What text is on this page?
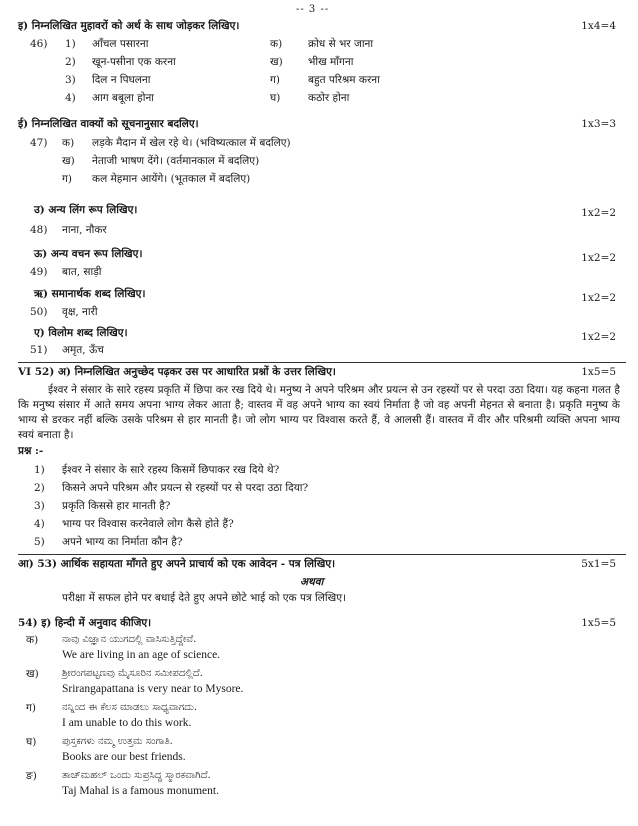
-- 3 --
इ) निम्नलिखित मुहावरों को अर्थ के साथ जोड़कर लिखिए।	1x4=4
46) 1) आँचल पसारना	क) क्रोध से भर जाना
2) खून-पसीना एक करना	ख) भीख माँगना
3) दिल न पिघलना	ग)	बहुत परिश्रम करना
4) आग बबूला होना	घ)	कठोर होना
ई) निम्नलिखित वाक्यों को सूचनानुसार बदलिए।	1x3=3
47) क) लड़के मैदान में खेल रहे थे। (भविष्यत्काल में बदलिए)
ख) नेताजी भाषण देंगे। (वर्तमानकाल में बदलिए)
ग) कल मेहमान आयेंगे। (भूतकाल में बदलिए)
उ) अन्य लिंग रूप लिखिए।	1x2=2
48) नाना, नौकर
ऊ) अन्य वचन रूप लिखिए।	1x2=2
49) बात, साड़ी
ऋ) समानार्थक शब्द लिखिए।	1x2=2
50) वृक्ष, नारी
ए) विलोम शब्द लिखिए।	1x2=2
51) अमृत, ऊँच
VI 52) अ) निम्नलिखित अनुच्छेद पढ़कर उस पर आधारित प्रश्नों के उत्तर लिखिए।	1x5=5
ईश्वर ने संसार के सारे रहस्य प्रकृति में छिपा कर रख दिये थे। मनुष्य ने अपने परिश्रम और प्रयत्न से उन रहस्यों पर से परदा उठा दिया। यह कहना गलत है कि मनुष्य संसार में आते समय अपना भाग्य लेकर आता है; वास्तव में वह अपने भाग्य का स्वयं निर्माता है जो वह अपनी मेहनत से बनाता है। प्रकृति मनुष्य के भाग्य से डरकर नहीं बल्कि उसके परिश्रम से हार मानती है। जो लोग भाग्य पर विश्वास करते हैं, वे आलसी हैं। वास्तव में वीर और परिश्रमी व्यक्ति अपना भाग्य स्वयं बनाता है।
प्रश्न :-
1) ईश्वर ने संसार के सारे रहस्य किसमें छिपाकर रख दिये थे?
2) किसने अपने परिश्रम और प्रयत्न से रहस्यों पर से परदा उठा दिया?
3) प्रकृति किससे हार मानती है?
4) भाग्य पर विश्वास करनेवाले लोग कैसे होते हैं?
5) अपने भाग्य का निर्माता कौन है?
आ) 53) आर्थिक सहायता माँगते हुए अपने प्राचार्य को एक आवेदन - पत्र लिखिए।	5x1=5
अथवा
परीक्षा में सफल होने पर बधाई देते हुए अपने छोटे भाई को एक पत्र लिखिए।
54) इ) हिन्दी में अनुवाद कीजिए।	1x5=5
क) ನಾವು ವಿಜ್ಞಾನ ಯುಗದಲ್ಲಿ ವಾಸಿಸುತ್ತಿದ್ದೇವೆ.
We are living in an age of science.
ख) ಶ್ರೀರಂಗಪಟ್ಟಣವು ಮೈಸೂರಿನ ಸಮೀಪದಲ್ಲಿದೆ.
Srirangapattana is very near to Mysore.
ग)	ನನ್ನಿಂದ ಈ ಕೆಲಸ ಮಾಡಲು ಸಾಧ್ಯವಾಗದು.
I am unable to do this work.
घ)	ಪುಸ್ತಕಗಳು ನಮ್ಮ ಉತ್ತಮ ಸಂಗಾತಿ.
Books are our best friends.
ङ)	ತಾಜ್‌ಮಹಲ್ ಒಂದು ಸುಪ್ರಸಿದ್ಧ ಸ್ಮಾರಕವಾಗಿದೆ.
Taj Mahal is a famous monument.
